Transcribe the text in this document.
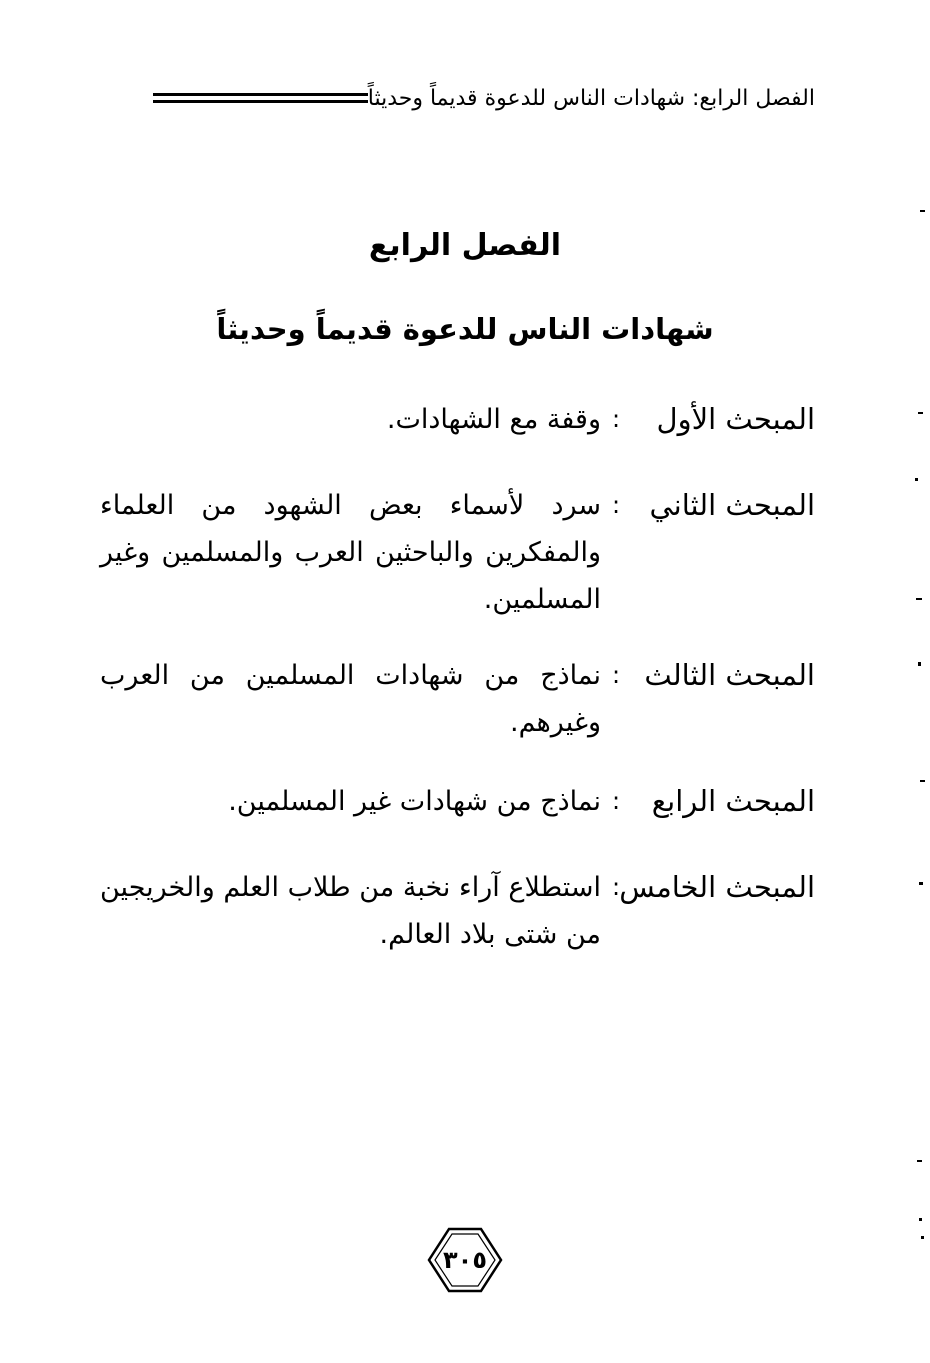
الفصل الرابع: شهادات الناس للدعوة قديماً وحديثاً
الفصل الرابع
شهادات الناس للدعوة قديماً وحديثاً
المبحث الأول
:
وقفة مع الشهادات.
المبحث الثاني
:
سرد لأسماء بعض الشهود من العلماء والمفكرين والباحثين العرب والمسلمين وغير المسلمين.
المبحث الثالث
:
نماذج من شهادات المسلمين من العرب وغيرهم.
المبحث الرابع
:
نماذج من شهادات غير المسلمين.
المبحث الخامس
:
استطلاع آراء نخبة من طلاب العلم والخريجين من شتى بلاد العالم.
٣٠٥
